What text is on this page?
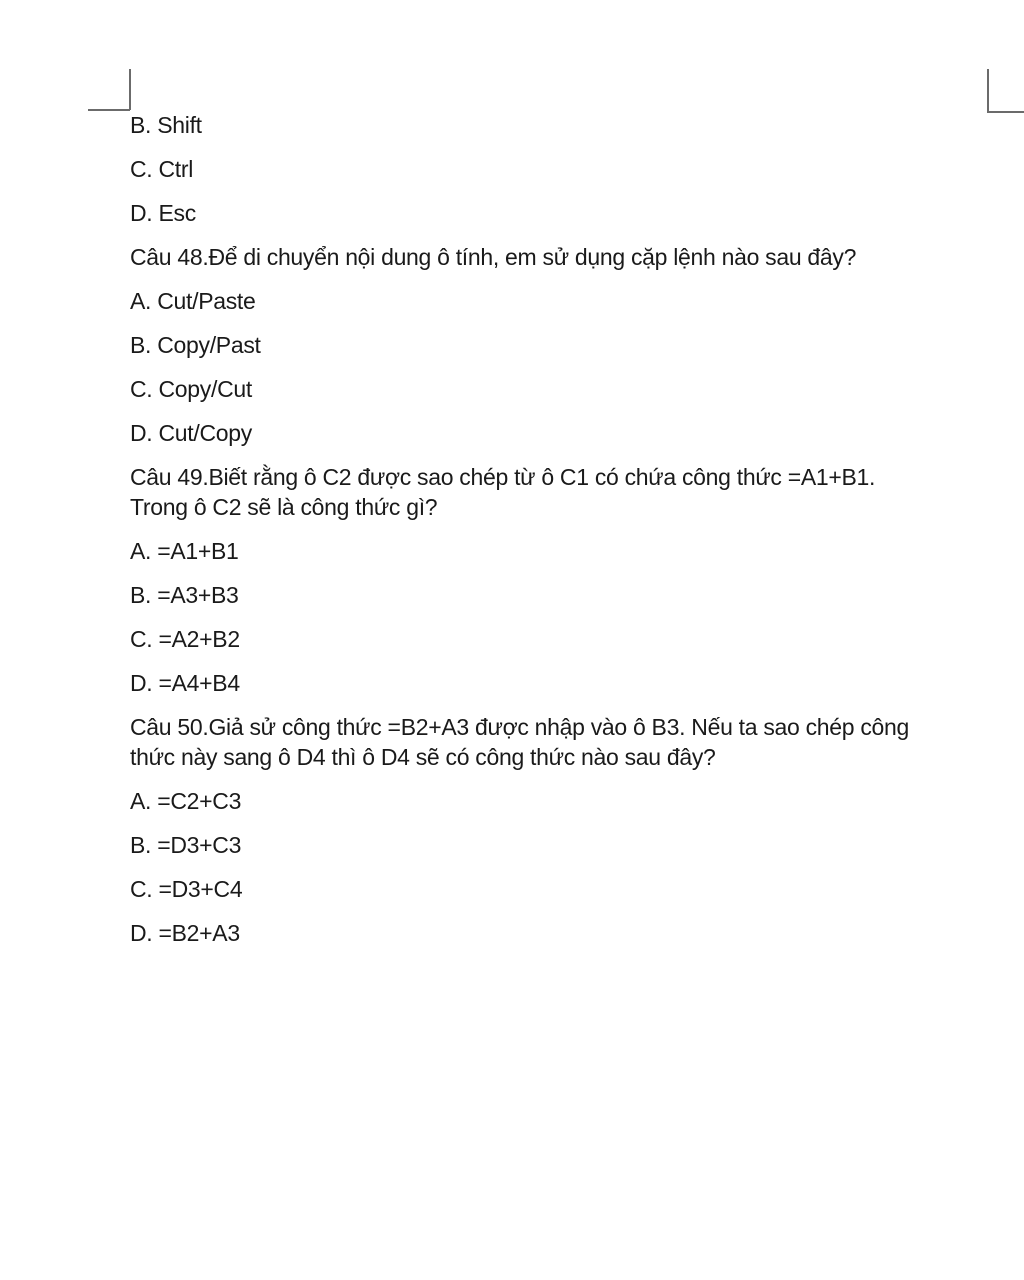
B. Shift

C. Ctrl

D. Esc

Câu 48.Để di chuyển nội dung ô tính, em sử dụng cặp lệnh nào sau đây?

A. Cut/Paste

B. Copy/Past

C. Copy/Cut

D. Cut/Copy

Câu 49.Biết rằng ô C2 được sao chép từ ô C1 có chứa công thức =A1+B1.
Trong ô C2 sẽ là công thức gì?

A. =A1+B1

B. =A3+B3

C. =A2+B2

D. =A4+B4

Câu 50.Giả sử công thức =B2+A3 được nhập vào ô B3. Nếu ta sao chép công
thức này sang ô D4 thì ô D4 sẽ có công thức nào sau đây?

A. =C2+C3

B. =D3+C3

C. =D3+C4

D. =B2+A3
